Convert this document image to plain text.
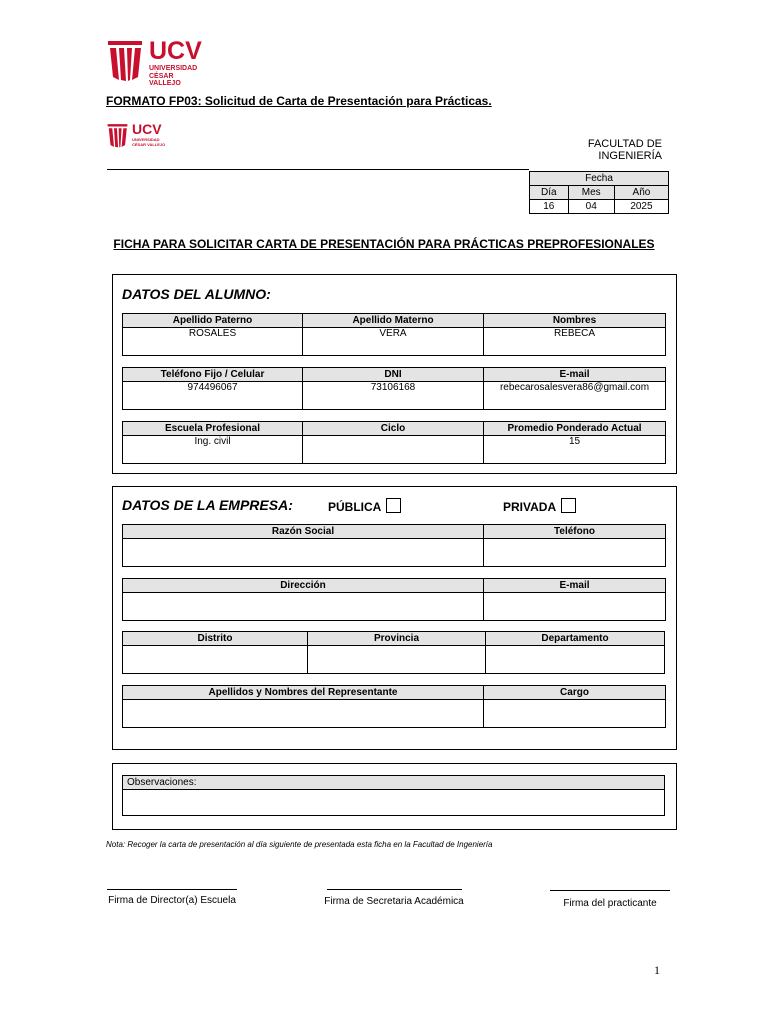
UCV
UNIVERSIDAD
CÉSAR VALLEJO
FORMATO FP03: Solicitud de Carta de Presentación para Prácticas.
UCV
UNIVERSIDAD
CÉSAR VALLEJO	FACULTAD DE
INGENIERÍA
Fecha		
Día	Mes	Año
16	04	2025
FICHA PARA SOLICITAR CARTA DE PRESENTACIÓN PARA PRÁCTICAS PREPROFESIONALES
DATOS DEL ALUMNO:
Apellido Paterno	Apellido Materno	Nombres
ROSALES	VERA	REBECA
Teléfono Fijo / Celular	DNI	E-mail
974496067	73106168	rebecarosalesvera86@gmail.com
Escuela Profesional	Ciclo	Promedio Ponderado Actual
Ing. civil		15
DATOS DE LA EMPRESA:	PÚBLICA	PRIVADA
Razón Social	Teléfono

Dirección	E-mail

Distrito	Provincia	Departamento

Apellidos y Nombres del Representante	Cargo

Observaciones:

Nota: Recoger la carta de presentación al día siguiente de presentada esta ficha en la Facultad de Ingeniería
Firma de Director(a) Escuela	Firma de Secretaria Académica	Firma del practicante
1
